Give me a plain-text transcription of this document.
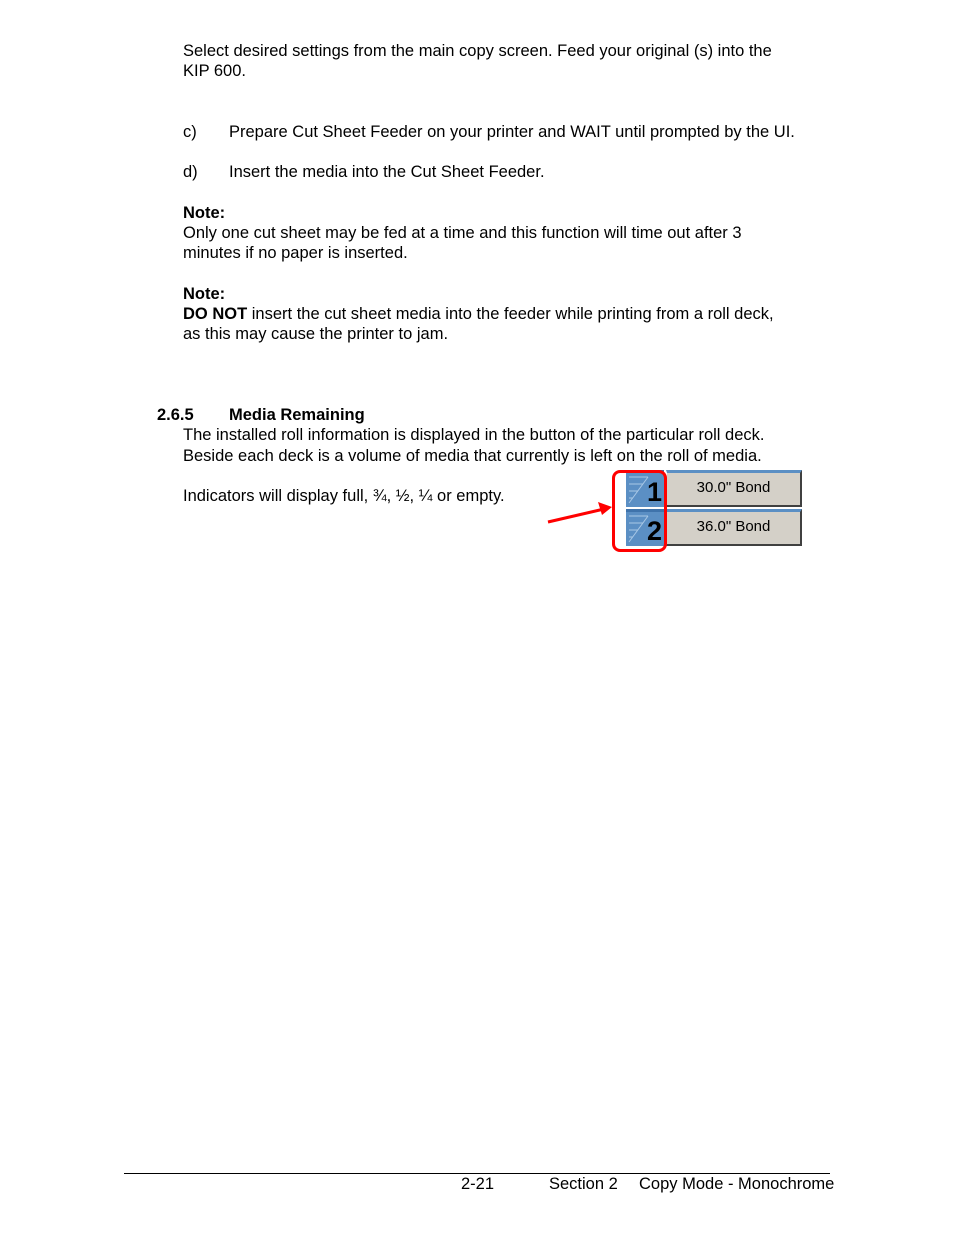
Select desired settings from the main copy screen. Feed your original (s) into the
KIP 600.
c) Prepare Cut Sheet Feeder on your printer and WAIT until prompted by the UI.
d) Insert the media into the Cut Sheet Feeder.
Note:
Only one cut sheet may be fed at a time and this function will time out after 3
minutes if no paper is inserted.
Note:
DO NOT insert the cut sheet media into the feeder while printing from a roll deck,
as this may cause the printer to jam.
2.6.5 Media Remaining
The installed roll information is displayed in the button of the particular roll deck.
Beside each deck is a volume of media that currently is left on the roll of media.
Indicators will display full, ¾, ½, ¼ or empty.	1	30.0" Bond
2	36.0" Bond
2-21	Section 2 Copy Mode - Monochrome
